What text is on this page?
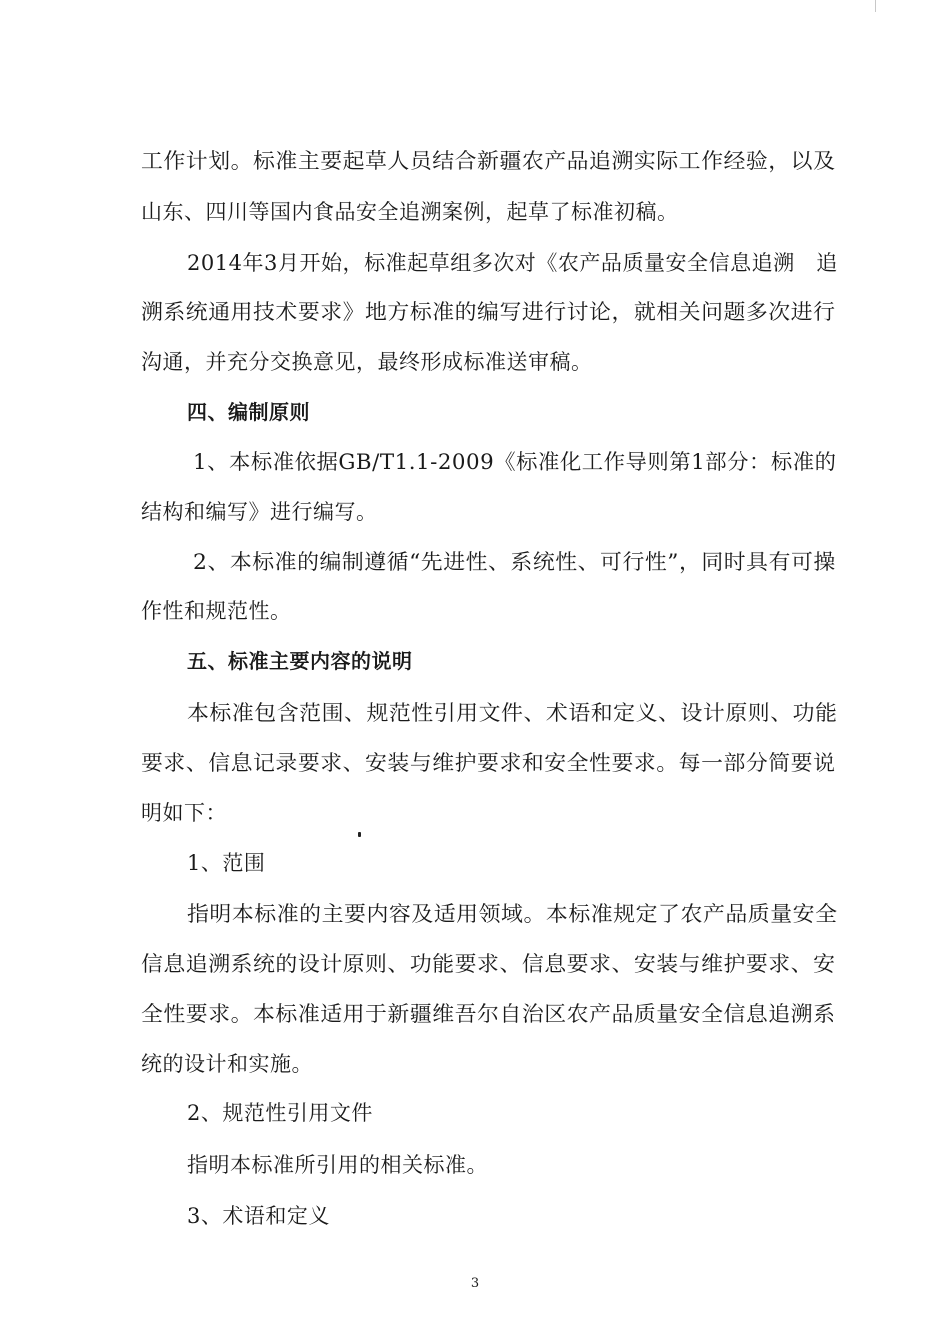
工作计划。标准主要起草人员结合新疆农产品追溯实际工作经验，以及
山东、四川等国内食品安全追溯案例，起草了标准初稿。
2014年3月开始，标准起草组多次对《农产品质量安全信息追溯　追
溯系统通用技术要求》地方标准的编写进行讨论，就相关问题多次进行
沟通，并充分交换意见，最终形成标准送审稿。
四、编制原则
1、本标准依据GB/T1.1-2009《标准化工作导则第1部分：标准的
结构和编写》进行编写。
2、本标准的编制遵循“先进性、系统性、可行性”，同时具有可操
作性和规范性。
五、标准主要内容的说明
本标准包含范围、规范性引用文件、术语和定义、设计原则、功能
要求、信息记录要求、安装与维护要求和安全性要求。每一部分简要说
明如下：
1、范围
指明本标准的主要内容及适用领域。本标准规定了农产品质量安全
信息追溯系统的设计原则、功能要求、信息要求、安装与维护要求、安
全性要求。本标准适用于新疆维吾尔自治区农产品质量安全信息追溯系
统的设计和实施。
2、规范性引用文件
指明本标准所引用的相关标准。
3、术语和定义
3
